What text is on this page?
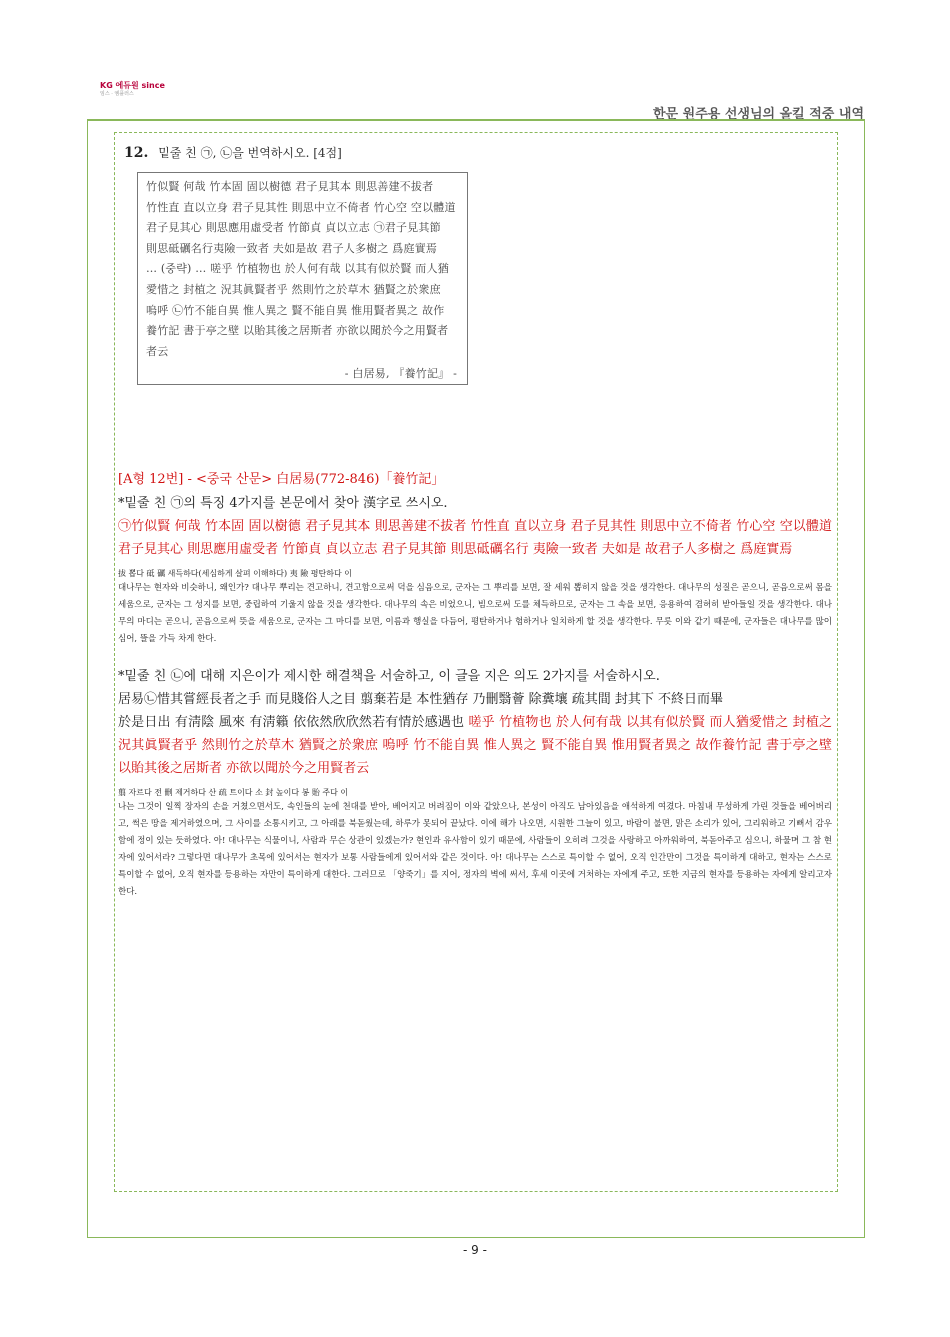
KG 에듀원 since
임스 · 엠플러스
한문 원주용 선생님의 올킬 적중 내역
12. 밑줄 친 ㉠, ㉡을 번역하시오. [4점]

竹似賢 何哉 竹本固 固以樹德 君子見其本 則思善建不拔者

竹性直 直以立身 君子見其性 則思中立不倚者 竹心空 空以體道

君子見其心 則思應用虛受者 竹節貞 貞以立志 ㉠君子見其節

則思砥礪名行夷險一致者 夫如是故 君子人多樹之 爲庭實焉

… (중략) … 嗟乎 竹植物也 於人何有哉 以其有似於賢 而人猶

愛惜之 封植之 況其眞賢者乎 然則竹之於草木 猶賢之於衆庶

嗚呼 ㉡竹不能自異 惟人異之 賢不能自異 惟用賢者異之 故作

養竹記 書于亭之壁 以貽其後之居斯者 亦欲以聞於今之用賢者

者云

- 白居易, 『養竹記』 -

[A형 12번] - <중국 산문> 白居易(772-846)「養竹記」
*밑줄 친 ㉠의 특징 4가지를 본문에서 찾아 漢字로 쓰시오.
㉠竹似賢 何哉 竹本固 固以樹德 君子見其本 則思善建不拔者 竹性直 直以立身 君子見其性 則思中立不倚者 竹心空 空以體道 君子見其心 則思應用虛受者 竹節貞 貞以立志 君子見其節 則思砥礪名行 夷險一致者 夫如是 故君子人多樹之 爲庭實焉
拔 뽑다 砥 礪 새득하다(세심하게 살펴 이해하다) 夷 險 평탄하다 이
대나무는 현자와 비슷하니, 왜인가? 대나무 뿌리는 견고하니, 견고함으로써 덕을 심음으로, 군자는 그 뿌리를 보면, 잘 세워 뽑히지 않을 것을 생각한다. 대나무의 성질은 곧으니, 곧음으로써 몸을 세움으로, 군자는 그 성지를 보면, 중립하여 기울지 않을 것을 생각한다. 대나무의 속은 비었으니, 빔으로써 도를 체득하므로, 군자는 그 속을 보면, 응용하여 겸허히 받아들일 것을 생각한다. 대나무의 마디는 곧으니, 곧음으로써 뜻을 세움으로, 군자는 그 마디를 보면, 이름과 행실을 다듬어, 평탄하거나 험하거나 일치하게 할 것을 생각한다. 무릇 이와 같기 때문에, 군자들은 대나무를 많이 심어, 뜰을 가득 차게 한다.
*밑줄 친 ㉡에 대해 지은이가 제시한 해결책을 서술하고, 이 글을 지은 의도 2가지를 서술하시오.
居易㉡惜其嘗經長者之手 而見賤俗人之目 翦棄若是 本性猶存 乃刪翳薈 除糞壤 疏其間 封其下 不終日而畢
於是日出 有淸陰 風來 有淸籟 依依然欣欣然若有情於感遇也 嗟乎 竹植物也 於人何有哉 以其有似於賢 而人猶愛惜之 封植之 況其眞賢者乎 然則竹之於草木 猶賢之於衆庶 嗚呼 竹不能自異 惟人異之 賢不能自異 惟用賢者異之 故作養竹記 書于亭之壁 以貽其後之居斯者 亦欲以聞於今之用賢者云
翦 자르다 전 刪 제거하다 산 疏 트이다 소 封 높이다 봉 貽 주다 이
나는 그것이 일찍 장자의 손을 거쳤으면서도, 속인들의 눈에 천대를 받아, 베어지고 버려짐이 이와 같았으나, 본성이 아직도 남아있음을 애석하게 여겼다. 마침내 무성하게 가린 것들을 베어버리고, 썩은 땅을 제거하였으며, 그 사이를 소통시키고, 그 아래를 북돋웠는데, 하루가 못되어 끝났다. 이에 해가 나오면, 시원한 그늘이 있고, 바람이 불면, 맑은 소리가 있어, 그리워하고 기뻐서 감우함에 정이 있는 듯하였다. 아! 대나무는 식물이니, 사람과 무슨 상관이 있겠는가? 현인과 유사함이 있기 때문에, 사람들이 오히려 그것을 사랑하고 아까워하여, 북돋아주고 심으니, 하물며 그 참 현자에 있어서라? 그렇다면 대나무가 초목에 있어서는 현자가 보통 사람들에게 있어서와 같은 것이다. 아! 대나무는 스스로 특이할 수 없어, 오직 인간만이 그것을 특이하게 대하고, 현자는 스스로 특이할 수 없어, 오직 현자를 등용하는 자만이 특이하게 대한다. 그러므로 「양죽기」를 지어, 정자의 벽에 써서, 후세 이곳에 거처하는 자에게 주고, 또한 지금의 현자를 등용하는 자에게 알리고자 한다.
- 9 -
